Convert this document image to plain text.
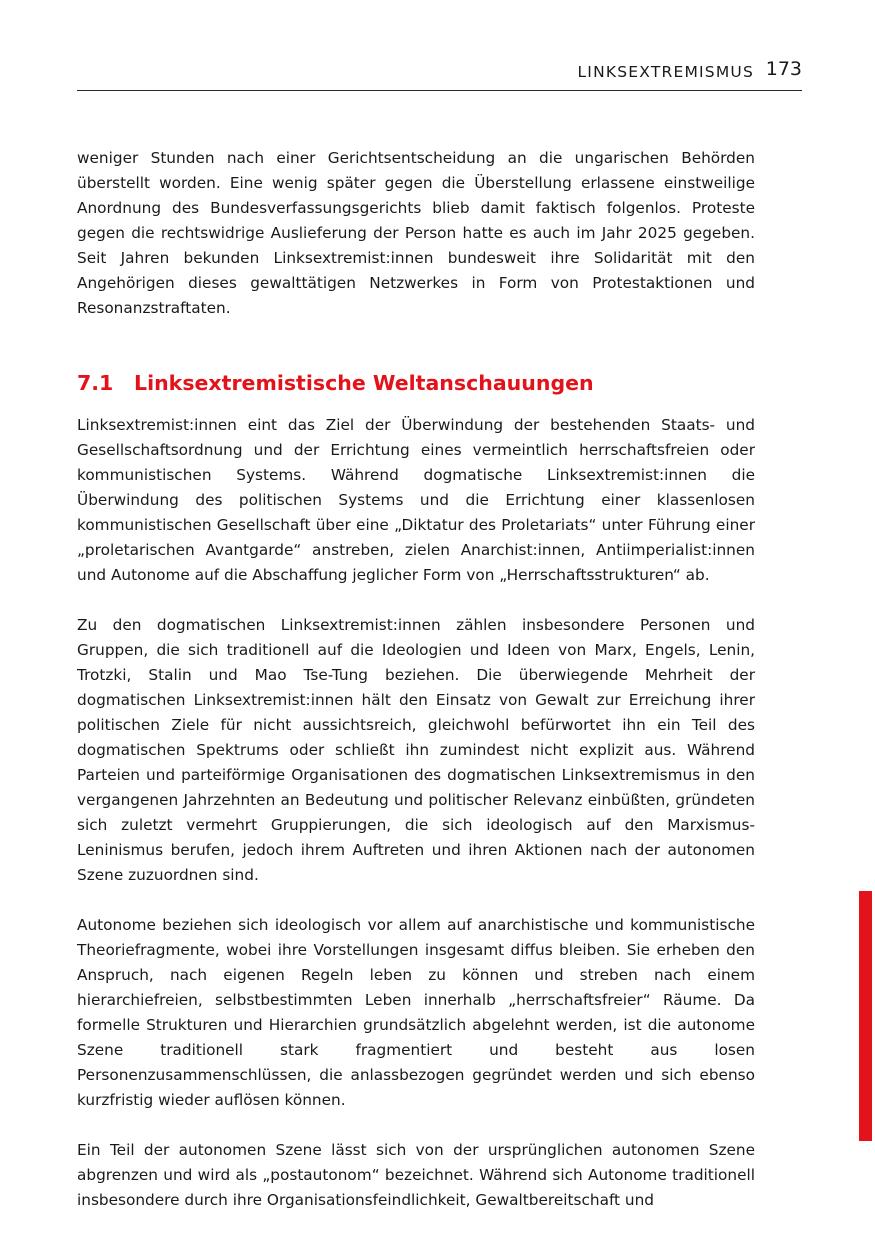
LINKSEXTREMISMUS 173

weniger Stunden nach einer Gerichtsentscheidung an die ungarischen Behörden überstellt worden. Eine wenig später gegen die Überstellung erlassene einstweilige Anordnung des Bundesverfassungsgerichts blieb damit faktisch folgenlos. Proteste gegen die rechtswidrige Auslieferung der Person hatte es auch im Jahr 2025 gegeben. Seit Jahren bekunden Linksextremist:innen bundesweit ihre Solidarität mit den Angehörigen dieses gewalttätigen Netzwerkes in Form von Protestaktionen und Resonanzstraftaten.

7.1 Linksextremistische Weltanschauungen

Linksextremist:innen eint das Ziel der Überwindung der bestehenden Staats- und Gesellschaftsordnung und der Errichtung eines vermeintlich herrschaftsfreien oder kommunistischen Systems. Während dogmatische Linksextremist:innen die Überwindung des politischen Systems und die Errichtung einer klassenlosen kommunistischen Gesellschaft über eine „Diktatur des Proletariats“ unter Führung einer „proletarischen Avantgarde“ anstreben, zielen Anarchist:innen, Antiimperialist:innen und Autonome auf die Abschaffung jeglicher Form von „Herrschaftsstrukturen“ ab.

Zu den dogmatischen Linksextremist:innen zählen insbesondere Personen und Gruppen, die sich traditionell auf die Ideologien und Ideen von Marx, Engels, Lenin, Trotzki, Stalin und Mao Tse-Tung beziehen. Die überwiegende Mehrheit der dogmatischen Linksextremist:innen hält den Einsatz von Gewalt zur Erreichung ihrer politischen Ziele für nicht aussichtsreich, gleichwohl befürwortet ihn ein Teil des dogmatischen Spektrums oder schließt ihn zumindest nicht explizit aus. Während Parteien und parteiförmige Organisationen des dogmatischen Linksextremismus in den vergangenen Jahrzehnten an Bedeutung und politischer Relevanz einbüßten, gründeten sich zuletzt vermehrt Gruppierungen, die sich ideologisch auf den Marxismus-Leninismus berufen, jedoch ihrem Auftreten und ihren Aktionen nach der autonomen Szene zuzuordnen sind.

Autonome beziehen sich ideologisch vor allem auf anarchistische und kommunistische Theoriefragmente, wobei ihre Vorstellungen insgesamt diffus bleiben. Sie erheben den Anspruch, nach eigenen Regeln leben zu können und streben nach einem hierarchiefreien, selbstbestimmten Leben innerhalb „herrschaftsfreier“ Räume. Da formelle Strukturen und Hierarchien grundsätzlich abgelehnt werden, ist die autonome Szene traditionell stark fragmentiert und besteht aus losen Personenzusammenschlüssen, die anlassbezogen gegründet werden und sich ebenso kurzfristig wieder auflösen können.

Ein Teil der autonomen Szene lässt sich von der ursprünglichen autonomen Szene abgrenzen und wird als „postautonom“ bezeichnet. Während sich Autonome traditionell insbesondere durch ihre Organisationsfeindlichkeit, Gewaltbereitschaft und
